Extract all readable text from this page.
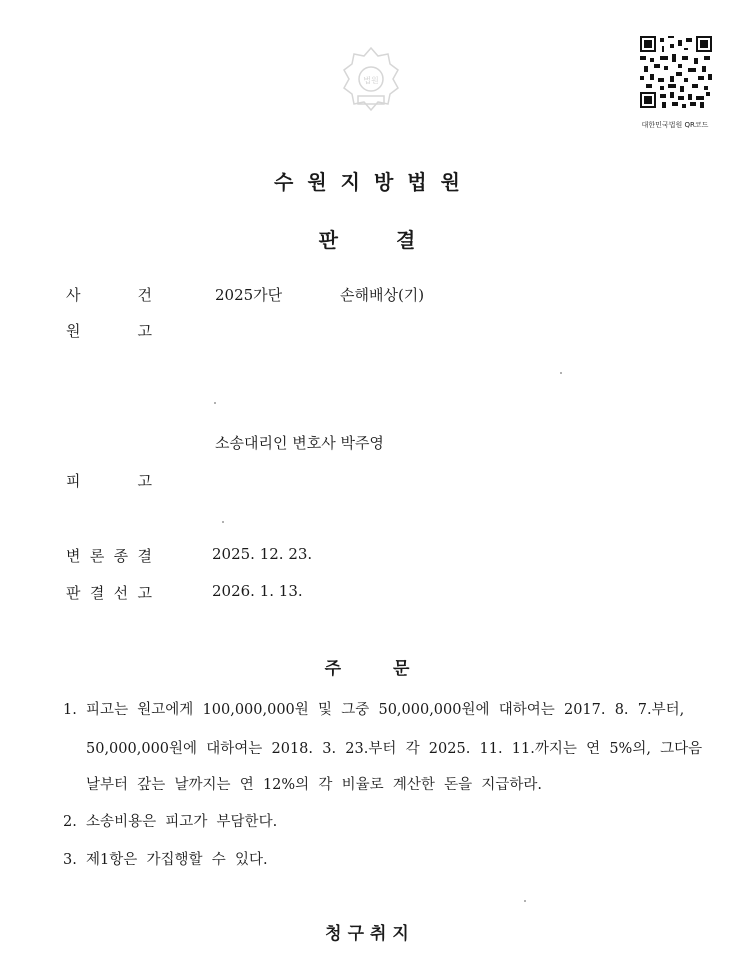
법원
대한민국법원 QR코드
수원지방법원
판결
사	건	2025가단	손해배상(기)
원	고
소송대리인 변호사 박주영
피	고
변 론 종 결	2025. 12. 23.
판 결 선 고	2026. 1. 13.
주문
1.  피고는  원고에게  100,000,000원  및  그중  50,000,000원에  대하여는  2017.  8.  7.부터,
50,000,000원에  대하여는  2018.  3.  23.부터  각  2025.  11.  11.까지는  연  5%의,  그다음
날부터  갚는  날까지는  연  12%의  각  비율로  계산한  돈을  지급하라.
2.  소송비용은  피고가  부담한다.
3.  제1항은  가집행할  수  있다.
청구취지
